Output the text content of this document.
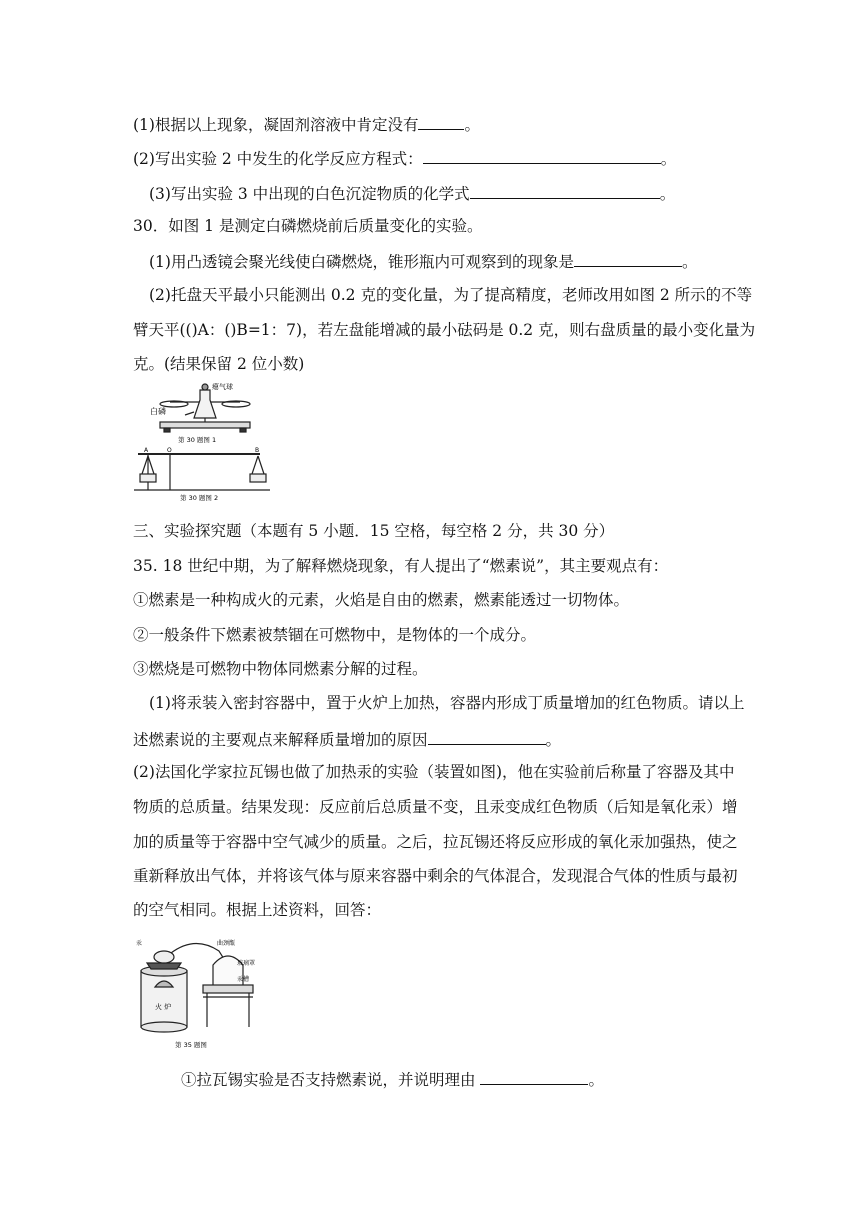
(1)根据以上现象，凝固剂溶液中肯定没有	。
(2)写出实验 2 中发生的化学反应方程式：	。
(3)写出实验 3 中出现的白色沉淀物质的化学式	。
30．如图 1 是测定白磷燃烧前后质量变化的实验。
(1)用凸透镜会聚光线使白磷燃烧，锥形瓶内可观察到的现象是	。
(2)托盘天平最小只能测出 0.2 克的变化量，为了提高精度，老师改用如图 2 所示的不等
臂天平(()A：()B=1：7)，若左盘能增减的最小砝码是 0.2 克，则右盘质量的最小变化量为
克。(结果保留 2 位小数)
瘪气球
白磷
第 30 题图 1
A	O	B
第 30 题图 2
三、实验探究题（本题有 5 小题．15 空格，每空格 2 分，共 30 分）
35. 18 世纪中期，为了解释燃烧现象，有人提出了“燃素说”，其主要观点有：
①燃素是一种构成火的元素，火焰是自由的燃素，燃素能透过一切物体。
②一般条件下燃素被禁锢在可燃物中，是物体的一个成分。
③燃烧是可燃物中物体同燃素分解的过程。
(1)将汞装入密封容器中，置于火炉上加热，容器内形成丁质量增加的红色物质。请以上
述燃素说的主要观点来解释质量增加的原因	。
(2)法国化学家拉瓦锡也做了加热汞的实验（装置如图)，他在实验前后称量了容器及其中
物质的总质量。结果发现：反应前后总质量不变，且汞变成红色物质（后知是氧化汞）增
加的质量等于容器中空气减少的质量。之后，拉瓦锡还将反应形成的氧化汞加强热，使之
重新释放出气体，并将该气体与原来容器中剩余的气体混合，发现混合气体的性质与最初
的空气相同。根据上述资料，回答：
汞	曲颈甑
玻璃罩
汞槽
火 炉
第 35 题图
①拉瓦锡实验是否支持燃素说，并说明理由	。
